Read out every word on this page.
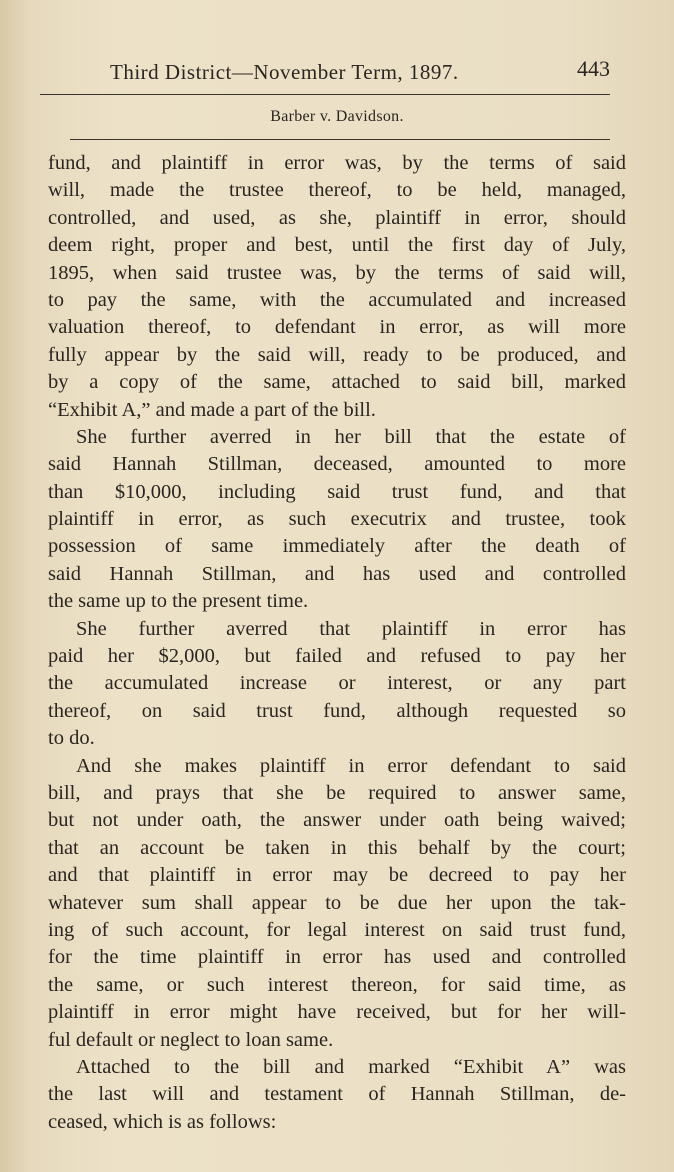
Third District—November Term, 1897.	443
Barber v. Davidson.
fund, and plaintiff in error was, by the terms of said
will, made the trustee thereof, to be held, managed,
controlled, and used, as she, plaintiff in error, should
deem right, proper and best, until the first day of July,
1895, when said trustee was, by the terms of said will,
to pay the same, with the accumulated and increased
valuation thereof, to defendant in error, as will more
fully appear by the said will, ready to be produced, and
by a copy of the same, attached to said bill, marked
“Exhibit A,” and made a part of the bill.
She further averred in her bill that the estate of
said Hannah Stillman, deceased, amounted to more
than $10,000, including said trust fund, and that
plaintiff in error, as such executrix and trustee, took
possession of same immediately after the death of
said Hannah Stillman, and has used and controlled
the same up to the present time.
She further averred that plaintiff in error has
paid her $2,000, but failed and refused to pay her
the accumulated increase or interest, or any part
thereof, on said trust fund, although requested so
to do.
And she makes plaintiff in error defendant to said
bill, and prays that she be required to answer same,
but not under oath, the answer under oath being waived;
that an account be taken in this behalf by the court;
and that plaintiff in error may be decreed to pay her
whatever sum shall appear to be due her upon the tak-
ing of such account, for legal interest on said trust fund,
for the time plaintiff in error has used and controlled
the same, or such interest thereon, for said time, as
plaintiff in error might have received, but for her will-
ful default or neglect to loan same.
Attached to the bill and marked “Exhibit A” was
the last will and testament of Hannah Stillman, de-
ceased, which is as follows:
